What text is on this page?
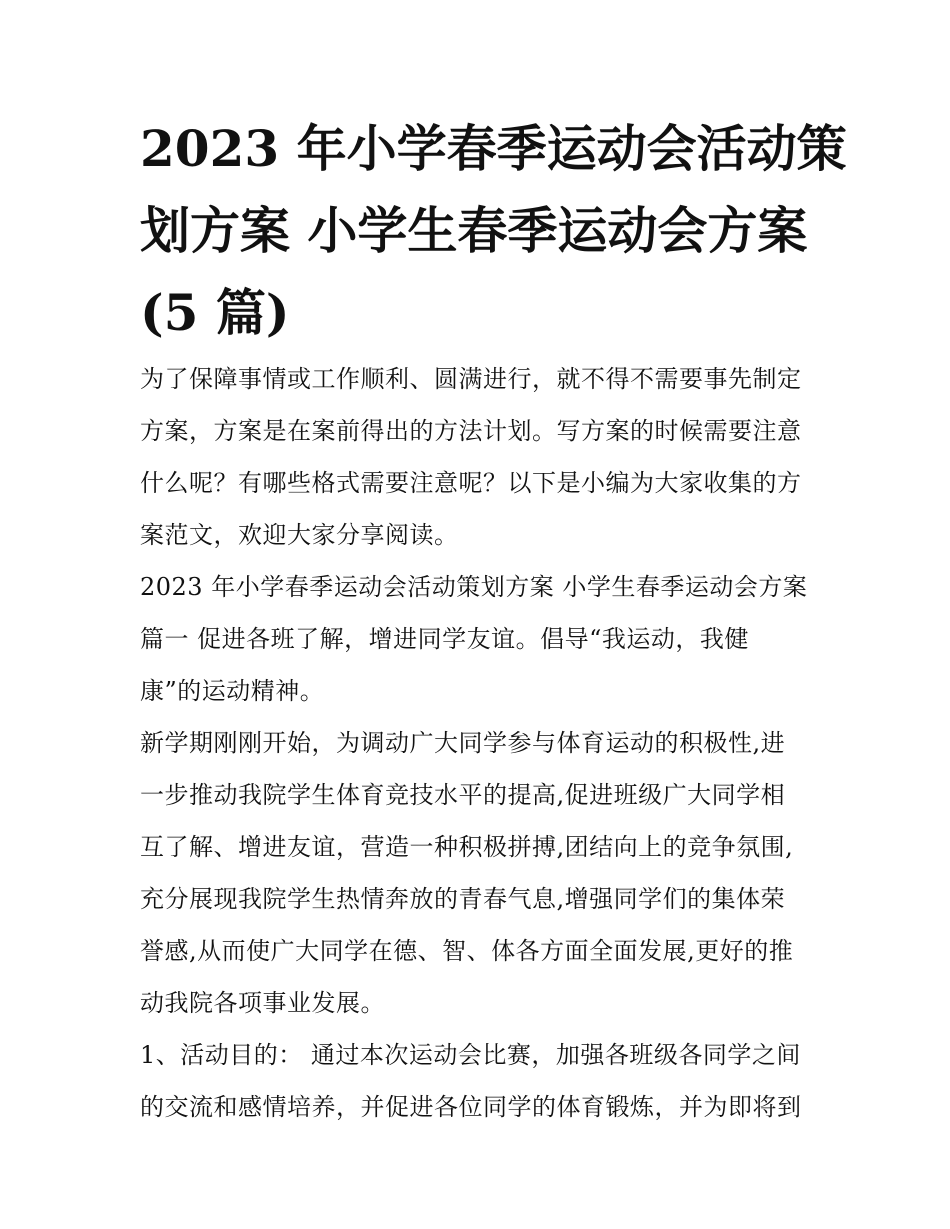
2023 年小学春季运动会活动策
划方案 小学生春季运动会方案
(5 篇)
为了保障事情或工作顺利、圆满进行，就不得不需要事先制定
方案，方案是在案前得出的方法计划。写方案的时候需要注意
什么呢？有哪些格式需要注意呢？以下是小编为大家收集的方
案范文，欢迎大家分享阅读。
2023 年小学春季运动会活动策划方案 小学生春季运动会方案
篇一 促进各班了解，增进同学友谊。倡导“我运动，我健
康”的运动精神。
新学期刚刚开始，为调动广大同学参与体育运动的积极性,进
一步推动我院学生体育竞技水平的提高,促进班级广大同学相
互了解、增进友谊，营造一种积极拼搏,团结向上的竞争氛围,
充分展现我院学生热情奔放的青春气息,增强同学们的集体荣
誉感,从而使广大同学在德、智、体各方面全面发展,更好的推
动我院各项事业发展。
1、活动目的： 通过本次运动会比赛，加强各班级各同学之间
的交流和感情培养，并促进各位同学的体育锻炼，并为即将到
